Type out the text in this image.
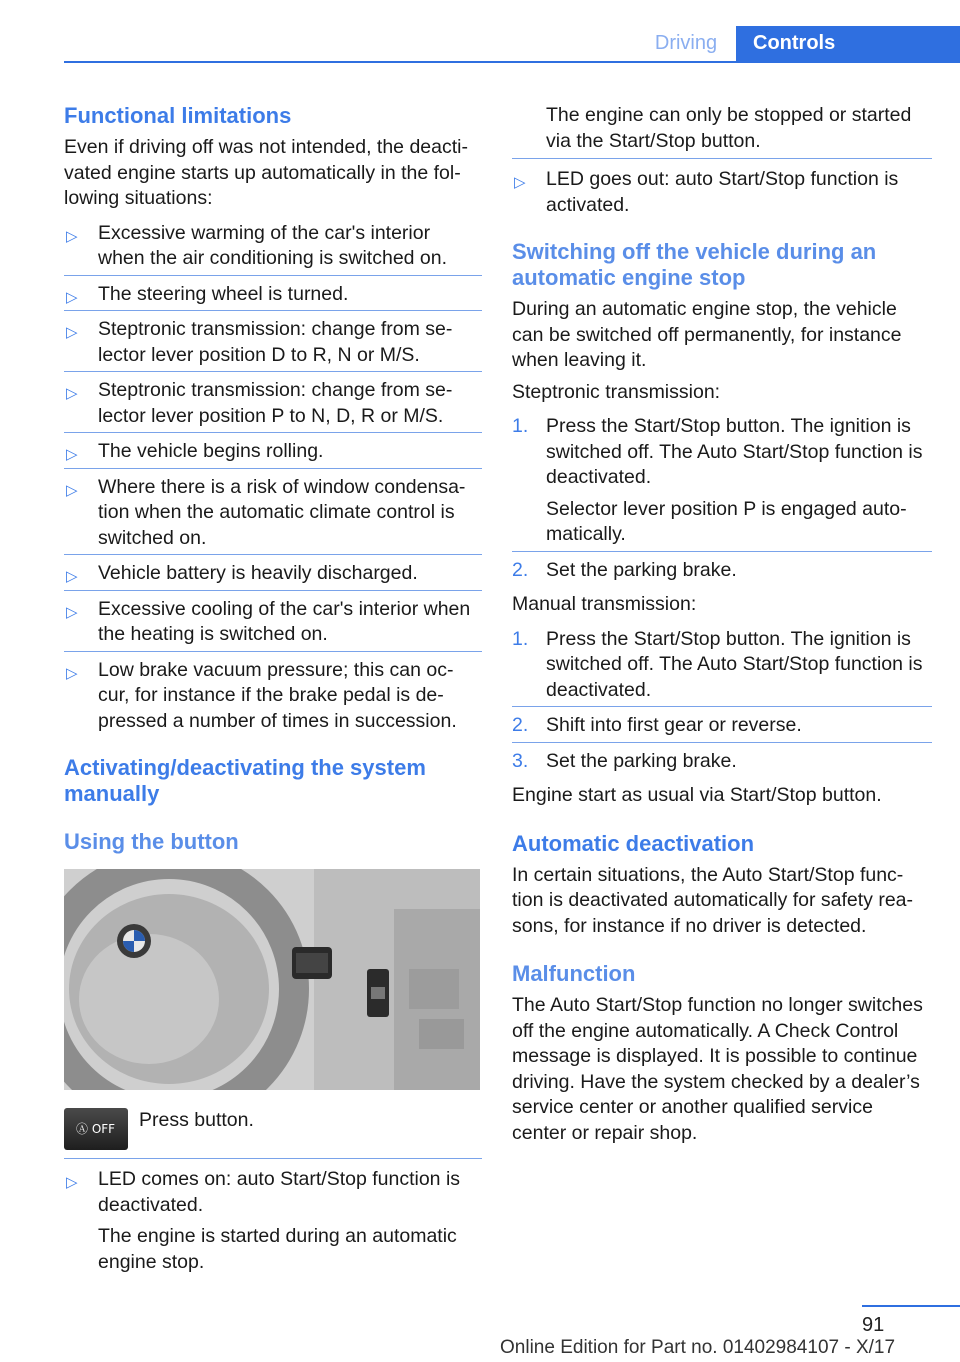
Driving	Controls
Functional limitations
Even if driving off was not intended, the deacti‐vated engine starts up automatically in the fol‐lowing situations:
▷ Excessive warming of the car's interior when the air conditioning is switched on.
▷ The steering wheel is turned.
▷ Steptronic transmission: change from se‐lector lever position D to R, N or M/S.
▷ Steptronic transmission: change from se‐lector lever position P to N, D, R or M/S.
▷ The vehicle begins rolling.
▷ Where there is a risk of window condensa‐tion when the automatic climate control is switched on.
▷ Vehicle battery is heavily discharged.
▷ Excessive cooling of the car's interior when the heating is switched on.
▷ Low brake vacuum pressure; this can oc‐cur, for instance if the brake pedal is de‐pressed a number of times in succession.
Activating/deactivating the system manually
Using the button
Ⓐ OFF Press button.
▷ LED comes on: auto Start/Stop function is deactivated.
The engine is started during an automatic engine stop.
The engine can only be stopped or started via the Start/Stop button.
▷ LED goes out: auto Start/Stop function is activated.
Switching off the vehicle during an automatic engine stop
During an automatic engine stop, the vehicle can be switched off permanently, for instance when leaving it.
Steptronic transmission:
1. Press the Start/Stop button. The ignition is switched off. The Auto Start/Stop function is deactivated.
Selector lever position P is engaged auto‐matically.
2. Set the parking brake.
Manual transmission:
1. Press the Start/Stop button. The ignition is switched off. The Auto Start/Stop function is deactivated.
2. Shift into first gear or reverse.
3. Set the parking brake.
Engine start as usual via Start/Stop button.
Automatic deactivation
In certain situations, the Auto Start/Stop func‐tion is deactivated automatically for safety rea‐sons, for instance if no driver is detected.
Malfunction
The Auto Start/Stop function no longer switches off the engine automatically. A Check Control message is displayed. It is possible to continue driving. Have the system checked by a dealer’s service center or another qualified service center or repair shop.
91
Online Edition for Part no. 01402984107 - X/17
